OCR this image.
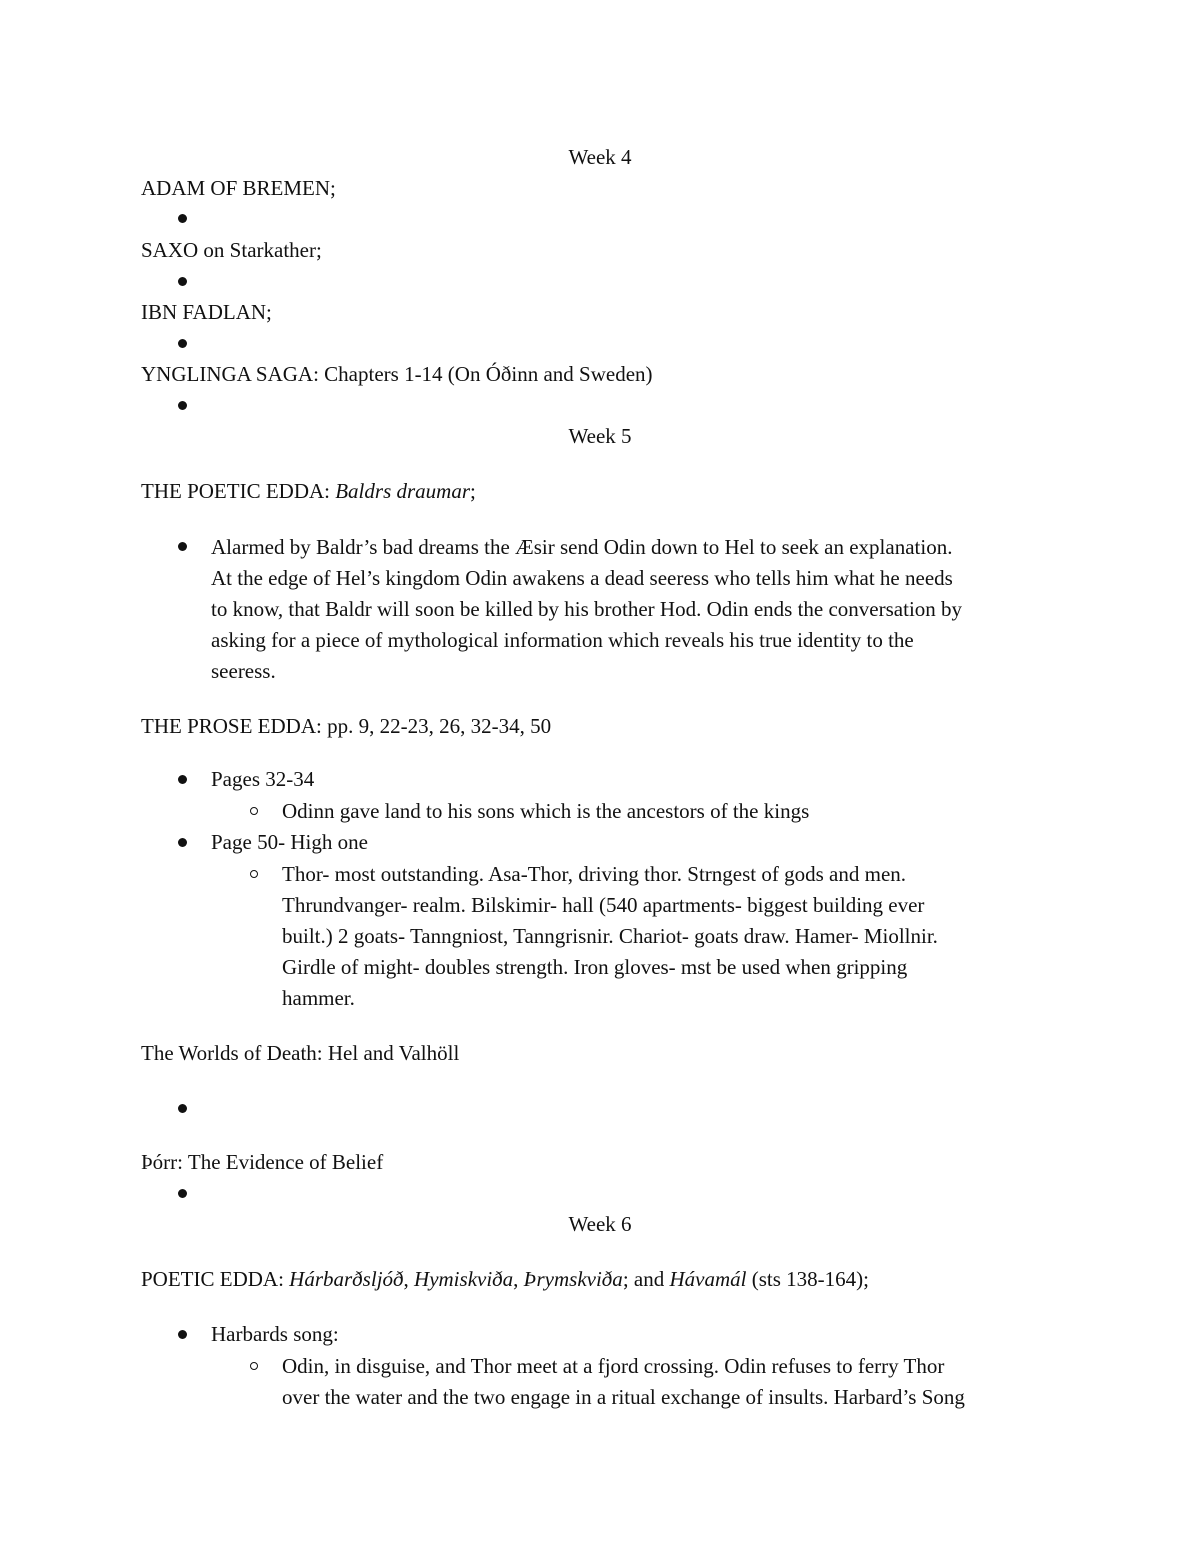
Week 4
ADAM OF BREMEN;
SAXO on Starkather;
IBN FADLAN;
YNGLINGA SAGA: Chapters 1-14 (On Óðinn and Sweden)
Week 5
THE POETIC EDDA: Baldrs draumar;
Alarmed by Baldr’s bad dreams the Æsir send Odin down to Hel to seek an explanation.
At the edge of Hel’s kingdom Odin awakens a dead seeress who tells him what he needs
to know, that Baldr will soon be killed by his brother Hod. Odin ends the conversation by
asking for a piece of mythological information which reveals his true identity to the
seeress.
THE PROSE EDDA: pp. 9, 22-23, 26, 32-34, 50
Pages 32-34
Odinn gave land to his sons which is the ancestors of the kings
Page 50- High one
Thor- most outstanding. Asa-Thor, driving thor. Strngest of gods and men.
Thrundvanger- realm. Bilskimir- hall (540 apartments- biggest building ever
built.) 2 goats- Tanngniost, Tanngrisnir. Chariot- goats draw. Hamer- Miollnir.
Girdle of might- doubles strength. Iron gloves- mst be used when gripping
hammer.
The Worlds of Death: Hel and Valhöll
Þórr: The Evidence of Belief
Week 6
POETIC EDDA: Hárbarðsljóð, Hymiskviða, Þrymskviða; and Hávamál (sts 138-164);
Harbards song:
Odin, in disguise, and Thor meet at a fjord crossing. Odin refuses to ferry Thor
over the water and the two engage in a ritual exchange of insults. Harbard’s Song
